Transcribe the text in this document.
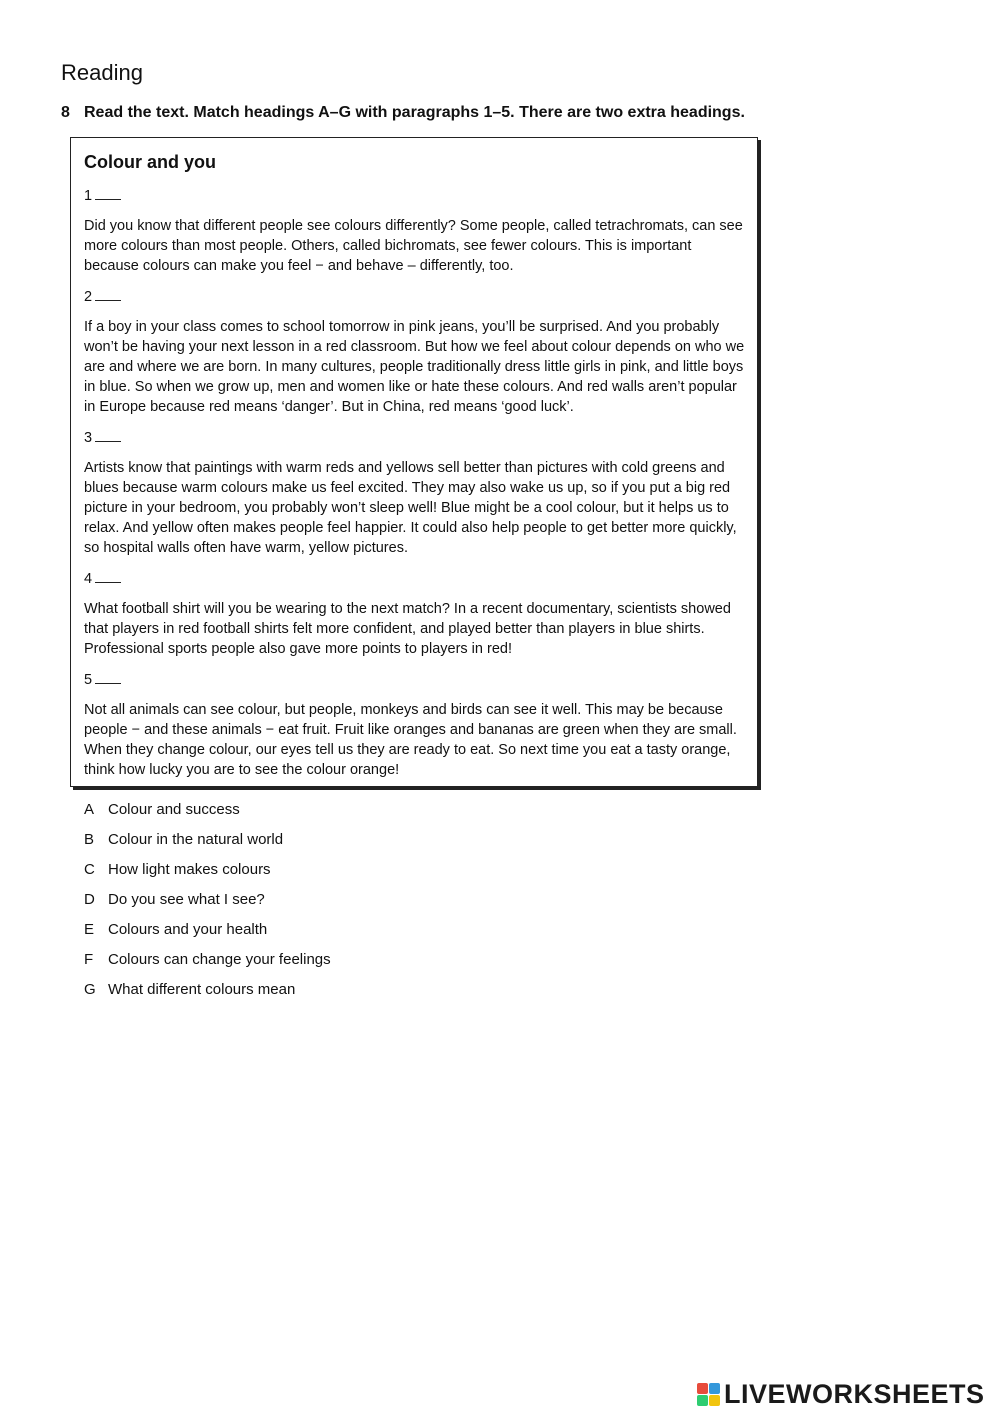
Reading

8 Read the text. Match headings A–G with paragraphs 1–5. There are two extra headings.

Colour and you

1

Did you know that different people see colours differently? Some people, called tetrachromats, can see more colours than most people. Others, called bichromats, see fewer colours. This is important because colours can make you feel − and behave – differently, too.

2

If a boy in your class comes to school tomorrow in pink jeans, you’ll be surprised. And you probably won’t be having your next lesson in a red classroom. But how we feel about colour depends on who we are and where we are born. In many cultures, people traditionally dress little girls in pink, and little boys in blue. So when we grow up, men and women like or hate these colours. And red walls aren’t popular in Europe because red means ‘danger’. But in China, red means ‘good luck’.

3

Artists know that paintings with warm reds and yellows sell better than pictures with cold greens and blues because warm colours make us feel excited. They may also wake us up, so if you put a big red picture in your bedroom, you probably won’t sleep well! Blue might be a cool colour, but it helps us to relax. And yellow often makes people feel happier. It could also help people to get better more quickly, so hospital walls often have warm, yellow pictures.

4

What football shirt will you be wearing to the next match? In a recent documentary, scientists showed that players in red football shirts felt more confident, and played better than players in blue shirts. Professional sports people also gave more points to players in red!

5

Not all animals can see colour, but people, monkeys and birds can see it well. This may be because people − and these animals − eat fruit. Fruit like oranges and bananas are green when they are small. When they change colour, our eyes tell us they are ready to eat. So next time you eat a tasty orange, think how lucky you are to see the colour orange!

A Colour and success
B Colour in the natural world
C How light makes colours
D Do you see what I see?
E Colours and your health
F Colours can change your feelings
G What different colours mean
LIVEWORKSHEETS
